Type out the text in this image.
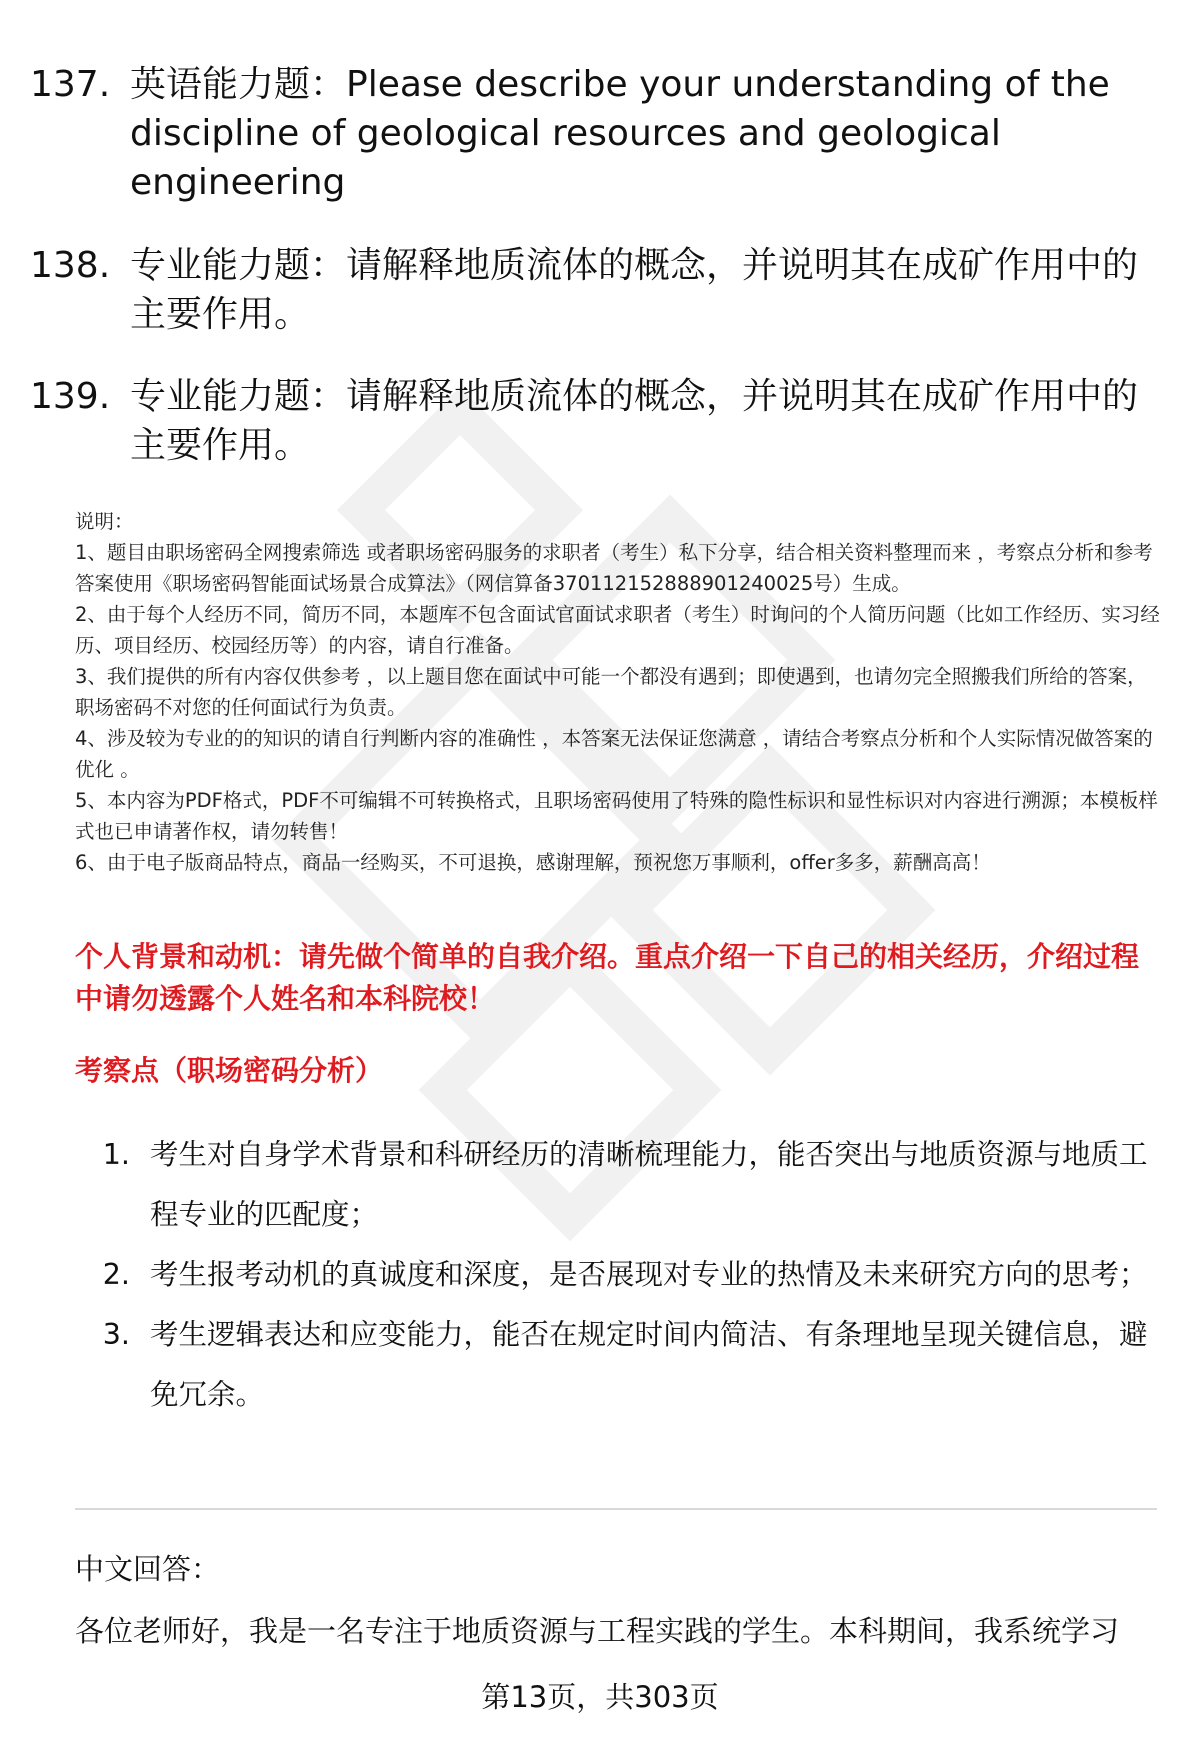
137. 英语能力题：Please describe your understanding of the discipline of geological resources and geological engineering
138. 专业能力题：请解释地质流体的概念，并说明其在成矿作用中的主要作用。
139. 专业能力题：请解释地质流体的概念，并说明其在成矿作用中的主要作用。

说明：

1、题目由职场密码全网搜索筛选 或者职场密码服务的求职者（考生）私下分享，结合相关资料整理而来 ，考察点分析和参考答案使用《职场密码智能面试场景合成算法》（网信算备370112152888901240025号）生成。

2、由于每个人经历不同，简历不同，本题库不包含面试官面试求职者（考生）时询问的个人简历问题（比如工作经历、实习经历、项目经历、校园经历等）的内容，请自行准备。

3、我们提供的所有内容仅供参考 ，以上题目您在面试中可能一个都没有遇到；即使遇到，也请勿完全照搬我们所给的答案，职场密码不对您的任何面试行为负责。

4、涉及较为专业的的知识的请自行判断内容的准确性 ，本答案无法保证您满意 ，请结合考察点分析和个人实际情况做答案的优化 。

5、本内容为PDF格式，PDF不可编辑不可转换格式，且职场密码使用了特殊的隐性标识和显性标识对内容进行溯源；本模板样式也已申请著作权，请勿转售！

6、由于电子版商品特点，商品一经购买，不可退换，感谢理解，预祝您万事顺利，offer多多，薪酬高高！

个人背景和动机：请先做个简单的自我介绍。重点介绍一下自己的相关经历，介绍过程中请勿透露个人姓名和本科院校！
考察点（职场密码分析）
1. 考生对自身学术背景和科研经历的清晰梳理能力，能否突出与地质资源与地质工程专业的匹配度；
2. 考生报考动机的真诚度和深度，是否展现对专业的热情及未来研究方向的思考；
3. 考生逻辑表达和应变能力，能否在规定时间内简洁、有条理地呈现关键信息，避免冗余。
中文回答：
各位老师好，我是一名专注于地质资源与工程实践的学生。本科期间，我系统学习
第13页，共303页
